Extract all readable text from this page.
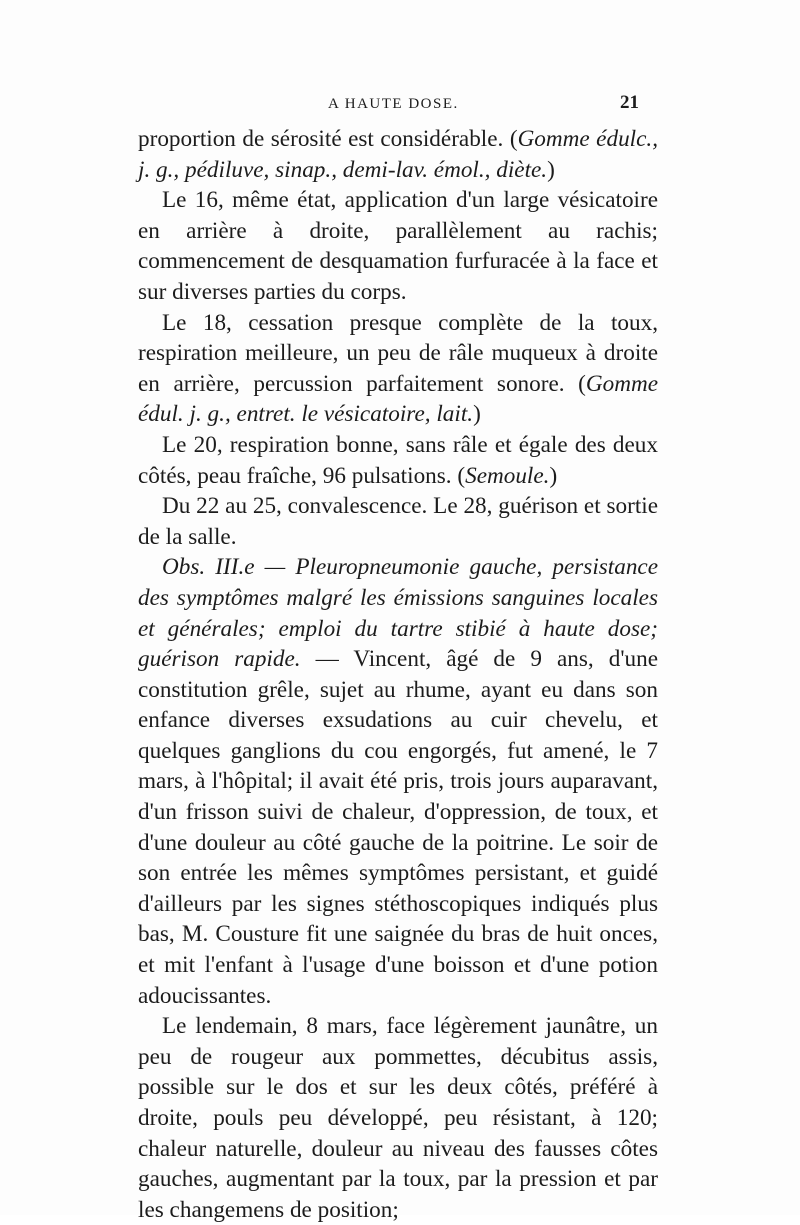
A HAUTE DOSE.	21

proportion de sérosité est considérable. (Gomme édulc., j. g., pédiluve, sinap., demi-lav. émol., diète.)

Le 16, même état, application d'un large vésicatoire en arrière à droite, parallèlement au rachis; commencement de desquamation furfuracée à la face et sur diverses parties du corps.

Le 18, cessation presque complète de la toux, respiration meilleure, un peu de râle muqueux à droite en arrière, percussion parfaitement sonore. (Gomme édul. j. g., entret. le vésicatoire, lait.)

Le 20, respiration bonne, sans râle et égale des deux côtés, peau fraîche, 96 pulsations. (Semoule.)

Du 22 au 25, convalescence. Le 28, guérison et sortie de la salle.

Obs. III.e — Pleuropneumonie gauche, persistance des symptômes malgré les émissions sanguines locales et générales; emploi du tartre stibié à haute dose; guérison rapide. — Vincent, âgé de 9 ans, d'une constitution grêle, sujet au rhume, ayant eu dans son enfance diverses exsudations au cuir chevelu, et quelques ganglions du cou engorgés, fut amené, le 7 mars, à l'hôpital; il avait été pris, trois jours auparavant, d'un frisson suivi de chaleur, d'oppression, de toux, et d'une douleur au côté gauche de la poitrine. Le soir de son entrée les mêmes symptômes persistant, et guidé d'ailleurs par les signes stéthoscopiques indiqués plus bas, M. Cousture fit une saignée du bras de huit onces, et mit l'enfant à l'usage d'une boisson et d'une potion adoucissantes.

Le lendemain, 8 mars, face légèrement jaunâtre, un peu de rougeur aux pommettes, décubitus assis, possible sur le dos et sur les deux côtés, préféré à droite, pouls peu développé, peu résistant, à 120; chaleur naturelle, douleur au niveau des fausses côtes gauches, augmentant par la toux, par la pression et par les changemens de position;
